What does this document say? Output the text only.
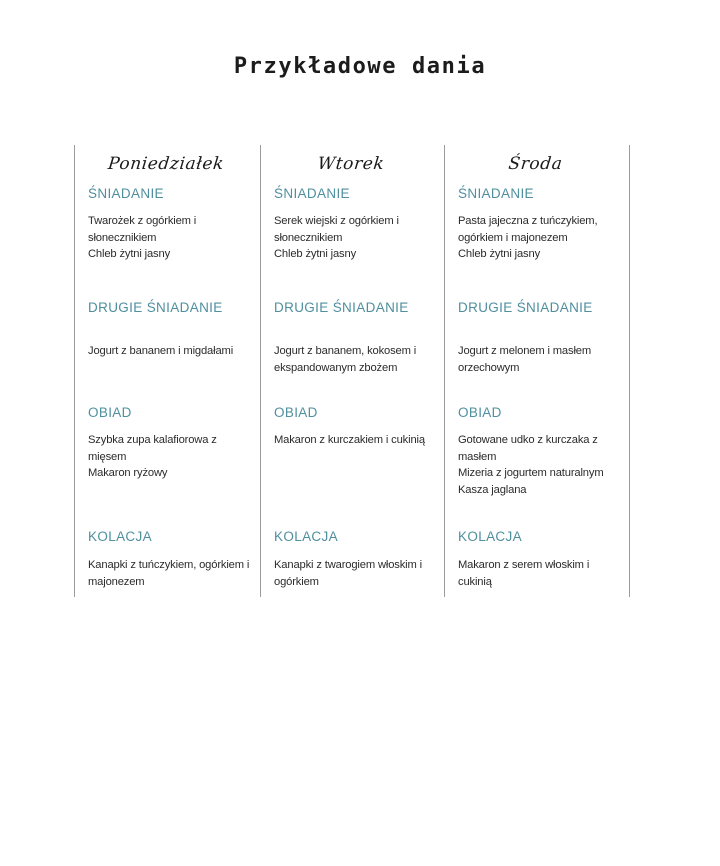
Przykładowe dania
Poniedziałek
ŚNIADANIE
Twarożek z ogórkiem i
słonecznikiem
Chleb żytni jasny
DRUGIE ŚNIADANIE
Jogurt z bananem i migdałami
OBIAD
Szybka zupa kalafiorowa z mięsem
Makaron ryżowy
KOLACJA
Kanapki z tuńczykiem, ogórkiem i
majonezem
Wtorek
ŚNIADANIE
Serek wiejski z ogórkiem i
słonecznikiem
Chleb żytni jasny
DRUGIE ŚNIADANIE
Jogurt z bananem, kokosem i
ekspandowanym zbożem
OBIAD
Makaron z kurczakiem i cukinią
KOLACJA
Kanapki z twarogiem włoskim i
ogórkiem
Środa
ŚNIADANIE
Pasta jajeczna z tuńczykiem,
ogórkiem i majonezem
Chleb żytni jasny
DRUGIE ŚNIADANIE
Jogurt z melonem i masłem
orzechowym
OBIAD
Gotowane udko z kurczaka z
masłem
Mizeria z jogurtem naturalnym
Kasza jaglana
KOLACJA
Makaron z serem włoskim i cukinią
